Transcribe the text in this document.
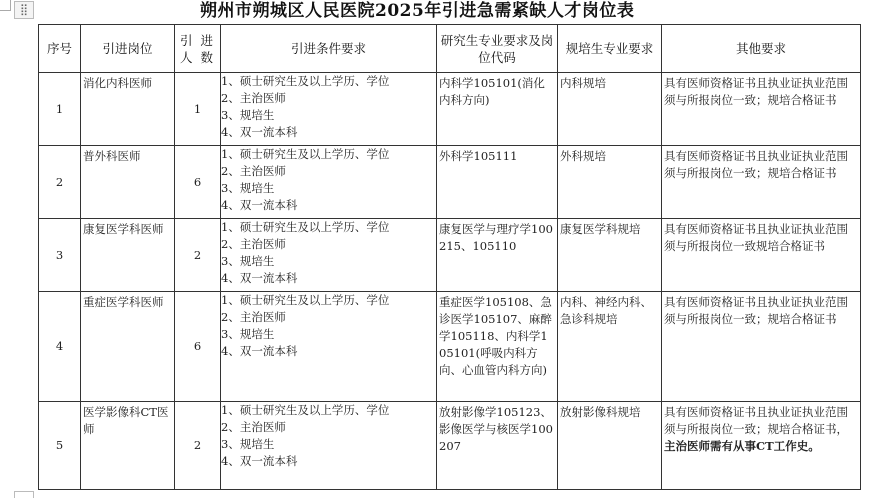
⣿	朔州市朔城区人民医院2025年引进急需紧缺人才岗位表
序号	引进岗位	引 进 人 数	引进条件要求	研究生专业要求及岗位代码	规培生专业要求	其他要求
1	消化内科医师	1	1、硕士研究生及以上学历、学位
2、主治医师
3、规培生
4、双一流本科	内科学105101(消化内科方向)	内科规培	具有医师资格证书且执业证执业范围须与所报岗位一致；规培合格证书

2	普外科医师	6	1、硕士研究生及以上学历、学位
2、主治医师
3、规培生
4、双一流本科	外科学105111	外科规培	具有医师资格证书且执业证执业范围须与所报岗位一致；规培合格证书

3	康复医学科医师	2	1、硕士研究生及以上学历、学位
2、主治医师
3、规培生
4、双一流本科	康复医学与理疗学100215、105110	康复医学科规培	具有医师资格证书且执业证执业范围须与所报岗位一致规培合格证书

4	重症医学科医师	6	1、硕士研究生及以上学历、学位
2、主治医师
3、规培生
4、双一流本科	重症医学105108、急诊医学105107、麻醉学105118、内科学105101(呼吸内科方向、心血管内科方向)	内科、神经内科、急诊科规培	具有医师资格证书且执业证执业范围须与所报岗位一致；规培合格证书

5	医学影像科CT医师	2	1、硕士研究生及以上学历、学位
2、主治医师
3、规培生
4、双一流本科	放射影像学105123、影像医学与核医学100207	放射影像科规培	具有医师资格证书且执业证执业范围须与所报岗位一致；规培合格证书，主治医师需有从事CT工作史。
